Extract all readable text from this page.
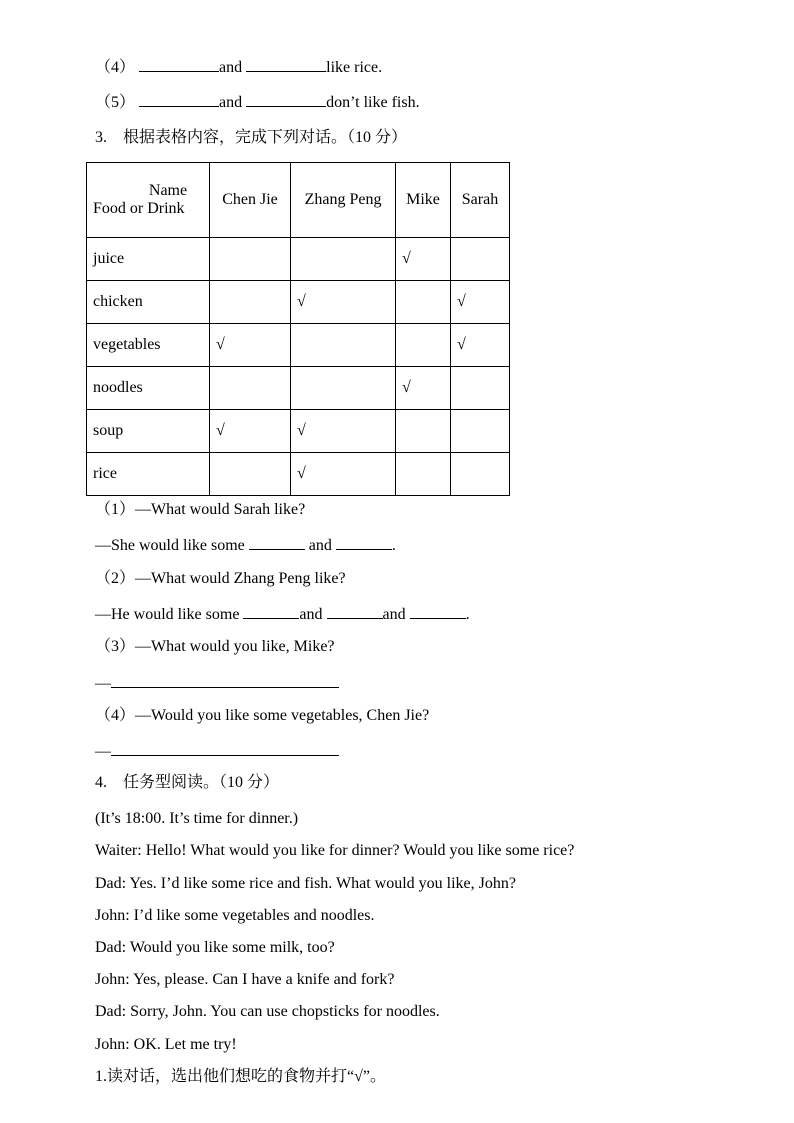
（4）	and	like rice.
（5）	and	don’t like fish.
3.　根据表格内容，完成下列对话。（10 分）
Name
Food or Drink	Chen Jie	Zhang Peng	Mike	Sarah
juice			√	
chicken		√		√
vegetables	√			√
noodles			√	
soup	√	√		
rice		√		
（1）—What would Sarah like?
—She would like some	and	.
（2）—What would Zhang Peng like?
—He would like some	and	and	.
（3）—What would you like, Mike?
—
（4）—Would you like some vegetables, Chen Jie?
—
4.　任务型阅读。（10 分）
(It’s 18:00. It’s time for dinner.)
Waiter: Hello! What would you like for dinner? Would you like some rice?
Dad: Yes. I’d like some rice and fish. What would you like, John?
John: I’d like some vegetables and noodles.
Dad: Would you like some milk, too?
John: Yes, please. Can I have a knife and fork?
Dad: Sorry, John. You can use chopsticks for noodles.
John: OK. Let me try!
1.读对话，选出他们想吃的食物并打“√”。
